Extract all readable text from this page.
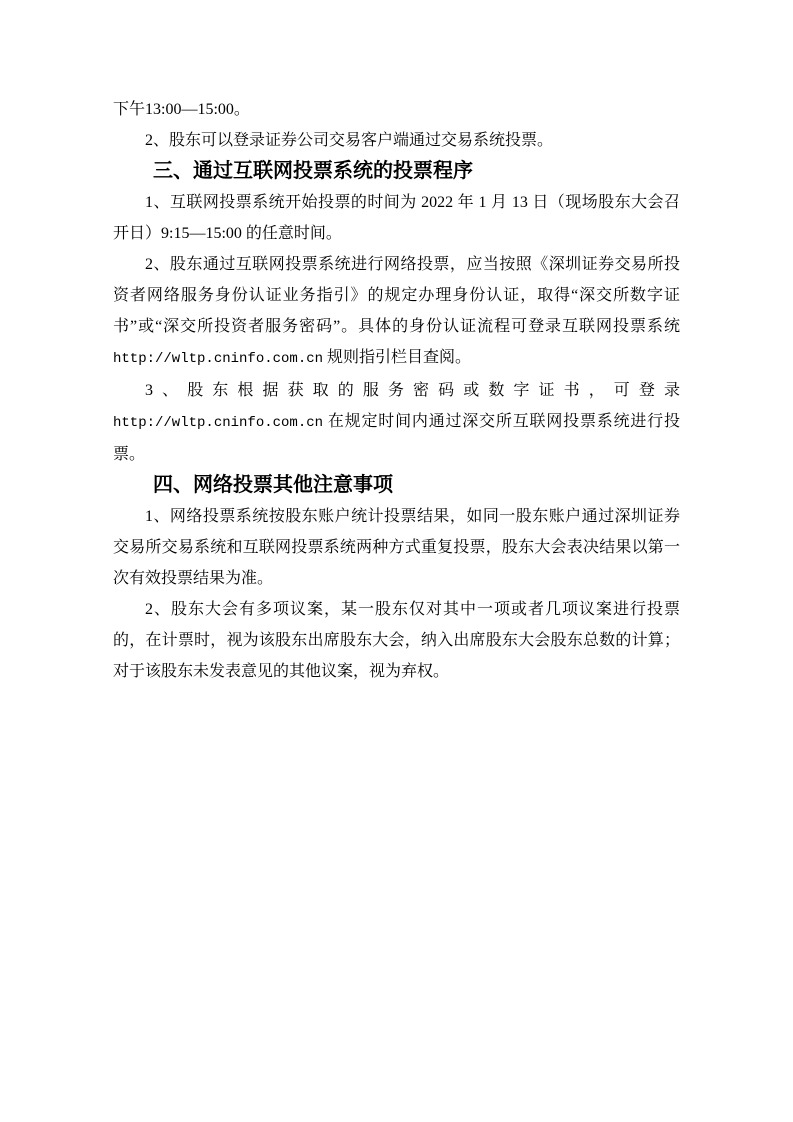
下午13:00—15:00。

2、股东可以登录证券公司交易客户端通过交易系统投票。

三、通过互联网投票系统的投票程序

1、互联网投票系统开始投票的时间为 2022 年 1 月 13 日（现场股东大会召开日）9:15—15:00 的任意时间。

2、股东通过互联网投票系统进行网络投票，应当按照《深圳证券交易所投资者网络服务身份认证业务指引》的规定办理身份认证，取得“深交所数字证书”或“深交所投资者服务密码”。具体的身份认证流程可登录互联网投票系统 http://wltp.cninfo.com.cn 规则指引栏目查阅。

3、股东根据获取的服务密码或数字证书，可登录 http://wltp.cninfo.com.cn 在规定时间内通过深交所互联网投票系统进行投票。

四、网络投票其他注意事项

1、网络投票系统按股东账户统计投票结果，如同一股东账户通过深圳证券交易所交易系统和互联网投票系统两种方式重复投票，股东大会表决结果以第一次有效投票结果为准。

2、股东大会有多项议案，某一股东仅对其中一项或者几项议案进行投票的，在计票时，视为该股东出席股东大会，纳入出席股东大会股东总数的计算；对于该股东未发表意见的其他议案，视为弃权。
